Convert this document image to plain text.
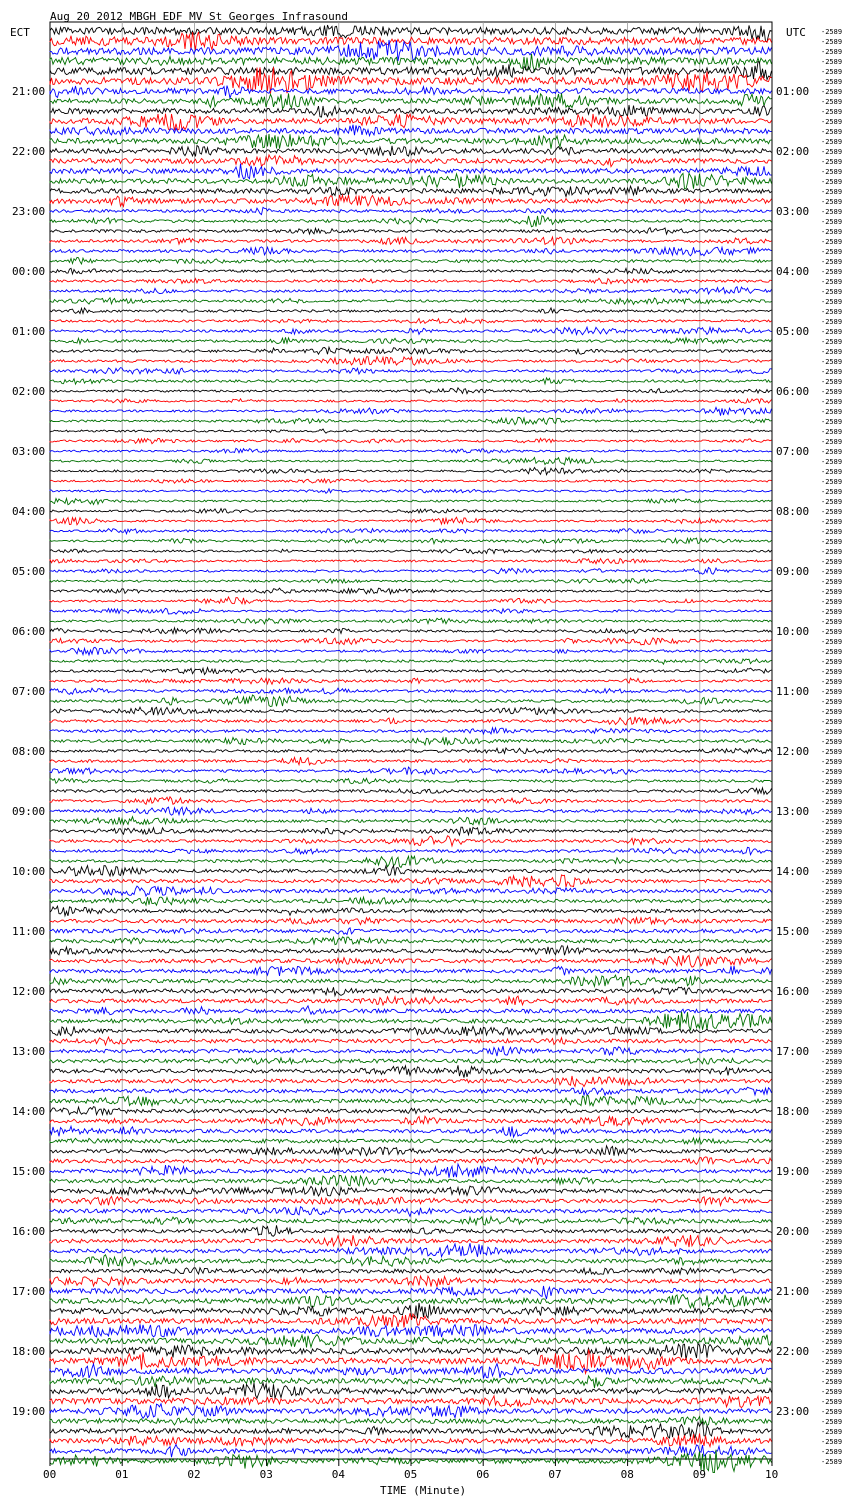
Aug 20 2012 MBGH EDF MV St Georges Infrasound
ECT	UTC
21:00
22:00
23:00
00:00
01:00
02:00
03:00
04:00
05:00
06:00
07:00
08:00
09:00
10:00
11:00
12:00
13:00
14:00
15:00
16:00
17:00
18:00
19:00
01:00
02:00
03:00
04:00
05:00
06:00
07:00
08:00
09:00
10:00
11:00
12:00
13:00
14:00
15:00
16:00
17:00
18:00
19:00
20:00
21:00
22:00
23:00
-2589
-2589
-2589
-2589
-2589
-2589
-2589
-2589
-2589
-2589
-2589
-2589
-2589
-2589
-2589
-2589
-2589
-2589
-2589
-2589
-2589
-2589
-2589
-2589
-2589
-2589
-2589
-2589
-2589
-2589
-2589
-2589
-2589
-2589
-2589
-2589
-2589
-2589
-2589
-2589
-2589
-2589
-2589
-2589
-2589
-2589
-2589
-2589
-2589
-2589
-2589
-2589
-2589
-2589
-2589
-2589
-2589
-2589
-2589
-2589
-2589
-2589
-2589
-2589
-2589
-2589
-2589
-2589
-2589
-2589
-2589
-2589
-2589
-2589
-2589
-2589
-2589
-2589
-2589
-2589
-2589
-2589
-2589
-2589
-2589
-2589
-2589
-2589
-2589
-2589
-2589
-2589
-2589
-2589
-2589
-2589
-2589
-2589
-2589
-2589
-2589
-2589
-2589
-2589
-2589
-2589
-2589
-2589
-2589
-2589
-2589
-2589
-2589
-2589
-2589
-2589
-2589
-2589
-2589
-2589
-2589
-2589
-2589
-2589
-2589
-2589
-2589
-2589
-2589
-2589
-2589
-2589
-2589
-2589
-2589
-2589
-2589
-2589
-2589
-2589
-2589
-2589
-2589
-2589
00	01	02	03	04	05	06	07	08	09	10
TIME (Minute)
